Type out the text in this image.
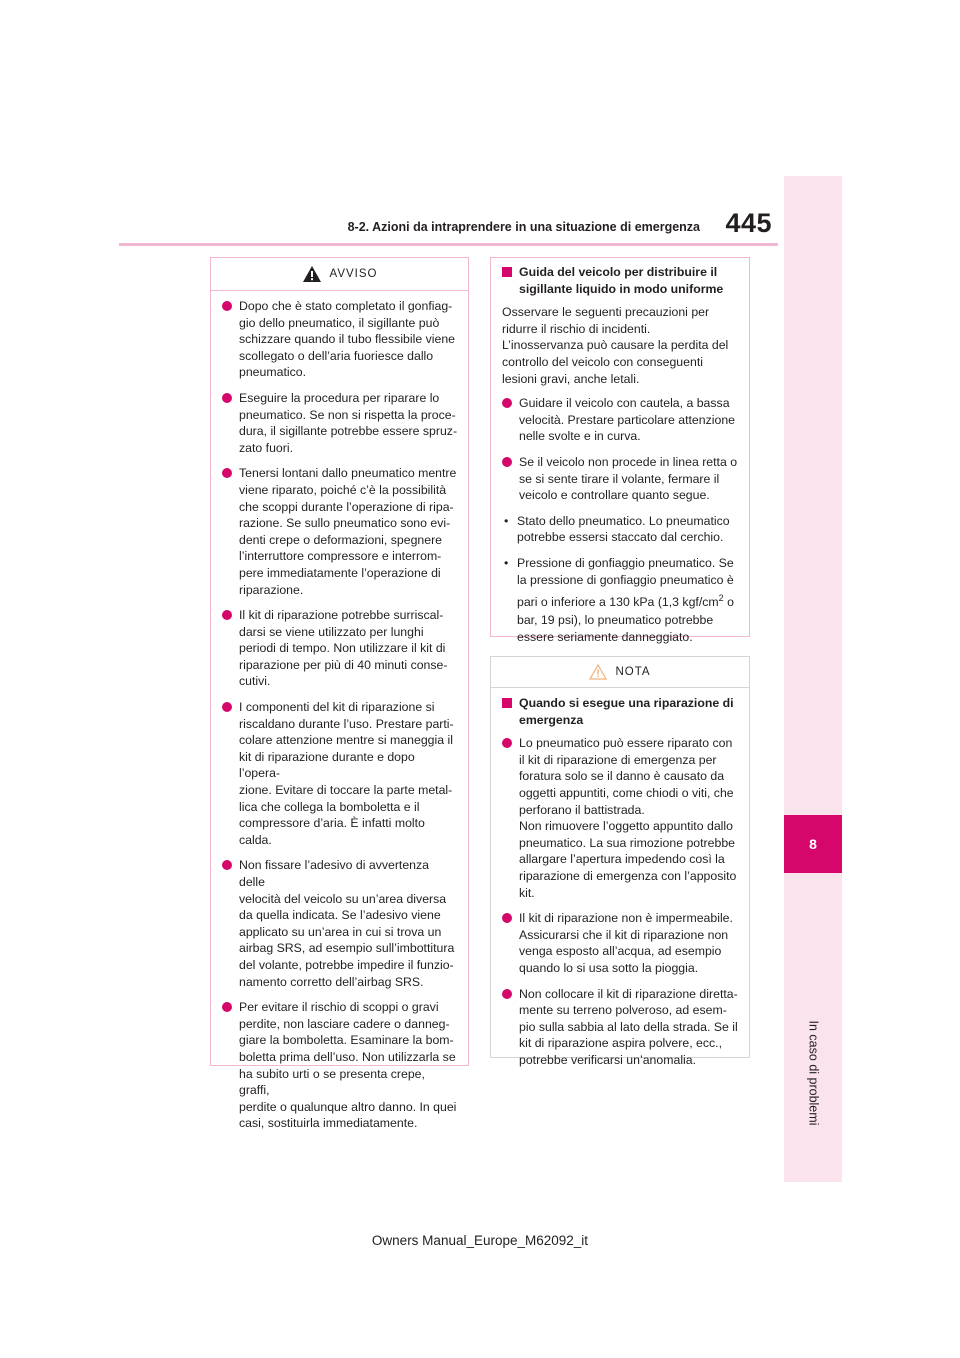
8
In caso di problemi
8-2. Azioni da intraprendere in una situazione di emergenza 445
AVVISO
Dopo che è stato completato il gonfiag-
gio dello pneumatico, il sigillante può
schizzare quando il tubo flessibile viene
scollegato o dell’aria fuoriesce dallo
pneumatico.
Eseguire la procedura per riparare lo
pneumatico. Se non si rispetta la proce-
dura, il sigillante potrebbe essere spruz-
zato fuori.
Tenersi lontani dallo pneumatico mentre
viene riparato, poiché c’è la possibilità
che scoppi durante l’operazione di ripa-
razione. Se sullo pneumatico sono evi-
denti crepe o deformazioni, spegnere
l’interruttore compressore e interrom-
pere immediatamente l’operazione di
riparazione.
Il kit di riparazione potrebbe surriscal-
darsi se viene utilizzato per lunghi
periodi di tempo. Non utilizzare il kit di
riparazione per più di 40 minuti conse-
cutivi.
I componenti del kit di riparazione si
riscaldano durante l’uso. Prestare parti-
colare attenzione mentre si maneggia il
kit di riparazione durante e dopo l’opera-
zione. Evitare di toccare la parte metal-
lica che collega la bomboletta e il
compressore d’aria. È infatti molto
calda.
Non fissare l’adesivo di avvertenza delle
velocità del veicolo su un’area diversa
da quella indicata. Se l’adesivo viene
applicato su un’area in cui si trova un
airbag SRS, ad esempio sull’imbottitura
del volante, potrebbe impedire il funzio-
namento corretto dell’airbag SRS.
Per evitare il rischio di scoppi o gravi
perdite, non lasciare cadere o danneg-
giare la bomboletta. Esaminare la bom-
boletta prima dell’uso. Non utilizzarla se
ha subito urti o se presenta crepe, graffi,
perdite o qualunque altro danno. In quei
casi, sostituirla immediatamente.
Guida del veicolo per distribuire il
sigillante liquido in modo uniforme
Osservare le seguenti precauzioni per
ridurre il rischio di incidenti.
L’inosservanza può causare la perdita del
controllo del veicolo con conseguenti
lesioni gravi, anche letali.
Guidare il veicolo con cautela, a bassa
velocità. Prestare particolare attenzione
nelle svolte e in curva.
Se il veicolo non procede in linea retta o
se si sente tirare il volante, fermare il
veicolo e controllare quanto segue.
• Stato dello pneumatico. Lo pneumatico
potrebbe essersi staccato dal cerchio.
• Pressione di gonfiaggio pneumatico. Se
la pressione di gonfiaggio pneumatico è
pari o inferiore a 130 kPa (1,3 kgf/$cm^2$ o
bar, 19 psi), lo pneumatico potrebbe
essere seriamente danneggiato.
NOTA
Quando si esegue una riparazione di
emergenza
Lo pneumatico può essere riparato con
il kit di riparazione di emergenza per
foratura solo se il danno è causato da
oggetti appuntiti, come chiodi o viti, che
perforano il battistrada.
Non rimuovere l’oggetto appuntito dallo
pneumatico. La sua rimozione potrebbe
allargare l’apertura impedendo così la
riparazione di emergenza con l’apposito
kit.
Il kit di riparazione non è impermeabile.
Assicurarsi che il kit di riparazione non
venga esposto all’acqua, ad esempio
quando lo si usa sotto la pioggia.
Non collocare il kit di riparazione diretta-
mente su terreno polveroso, ad esem-
pio sulla sabbia al lato della strada. Se il
kit di riparazione aspira polvere, ecc.,
potrebbe verificarsi un’anomalia.
Owners Manual_Europe_M62092_it
